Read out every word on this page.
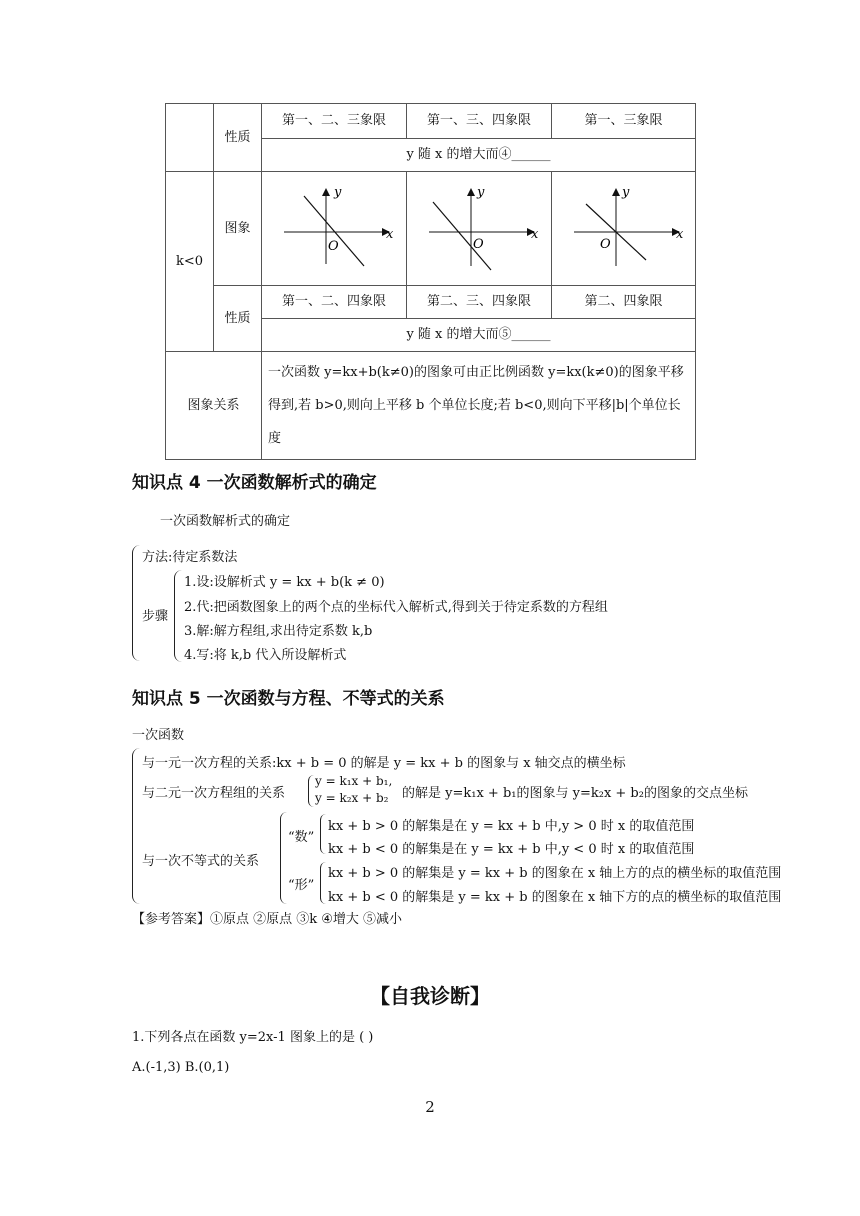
	性质	第一、二、三象限	第一、三、四象限	第一、三象限
		y 随 x 的增大而④______		
k<0	图象	y
x
O	y
x
O	y
x
O

	性质	第一、二、四象限	第二、三、四象限	第二、四象限
		y 随 x 的增大而⑤______		
图象关系		一次函数 y=kx+b(k≠0)的图象可由正比例函数 y=kx(k≠0)的图象平移得到,若 b>0,则向上平移 b 个单位长度;若 b<0,则向下平移|b|个单位长度		
知识点 4 一次函数解析式的确定
一次函数解析式的确定
方法:待定系数法
步骤
1.设:设解析式 y = kx + b(k ≠ 0)
2.代:把函数图象上的两个点的坐标代入解析式,得到关于待定系数的方程组
3.解:解方程组,求出待定系数 k,b
4.写:将 k,b 代入所设解析式
知识点 5 一次函数与方程、不等式的关系
一次函数
与一元一次方程的关系:kx + b = 0 的解是 y = kx + b 的图象与 x 轴交点的横坐标
与二元一次方程组的关系
y = k₁x + b₁,
y = k₂x + b₂ 的解是 y=k₁x + b₁的图象与 y=k₂x + b₂的图象的交点坐标
与一次不等式的关系
“数”
kx + b > 0 的解集是在 y = kx + b 中,y > 0 时 x 的取值范围
kx + b < 0 的解集是在 y = kx + b 中,y < 0 时 x 的取值范围
“形”
kx + b > 0 的解集是 y = kx + b 的图象在 x 轴上方的点的横坐标的取值范围
kx + b < 0 的解集是 y = kx + b 的图象在 x 轴下方的点的横坐标的取值范围
【参考答案】①原点 ②原点 ③k ④增大 ⑤减小
【自我诊断】
1.下列各点在函数 y=2x-1 图象上的是 ( )
A.(-1,3) B.(0,1)
2
